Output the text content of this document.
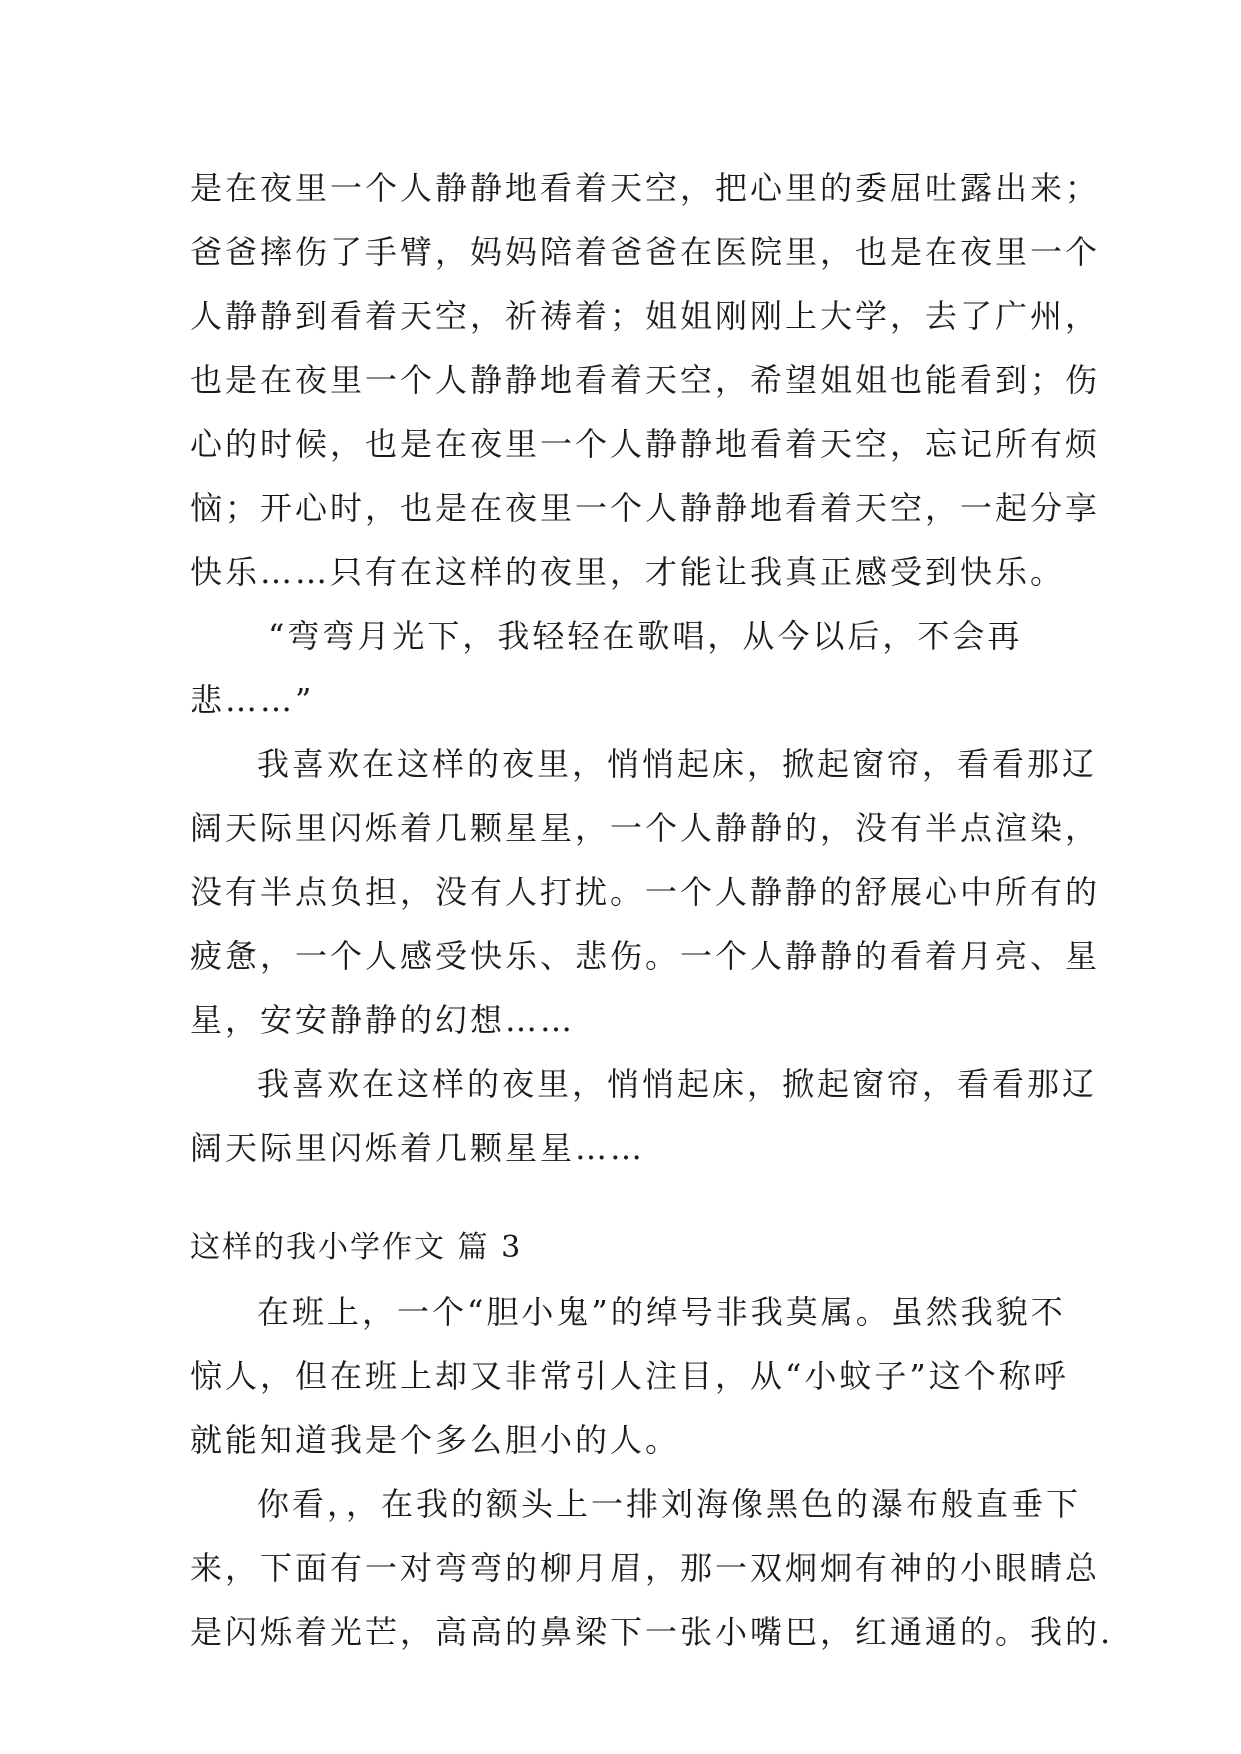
是在夜里一个人静静地看着天空，把心里的委屈吐露出来；
爸爸摔伤了手臂，妈妈陪着爸爸在医院里，也是在夜里一个
人静静到看着天空，祈祷着；姐姐刚刚上大学，去了广州，
也是在夜里一个人静静地看着天空，希望姐姐也能看到；伤
心的时候，也是在夜里一个人静静地看着天空，忘记所有烦
恼；开心时，也是在夜里一个人静静地看着天空，一起分享
快乐……只有在这样的夜里，才能让我真正感受到快乐。
“弯弯月光下，我轻轻在歌唱，从今以后，不会再
悲……”
我喜欢在这样的夜里，悄悄起床，掀起窗帘，看看那辽
阔天际里闪烁着几颗星星，一个人静静的，没有半点渲染，
没有半点负担，没有人打扰。一个人静静的舒展心中所有的
疲惫，一个人感受快乐、悲伤。一个人静静的看着月亮、星
星，安安静静的幻想……
我喜欢在这样的夜里，悄悄起床，掀起窗帘，看看那辽
阔天际里闪烁着几颗星星……
这样的我小学作文 篇 3
在班上，一个“胆小鬼”的绰号非我莫属。虽然我貌不
惊人，但在班上却又非常引人注目，从“小蚊子”这个称呼
就能知道我是个多么胆小的人。
你看，，在我的额头上一排刘海像黑色的瀑布般直垂下
来，下面有一对弯弯的柳月眉，那一双炯炯有神的小眼睛总
是闪烁着光芒，高高的鼻梁下一张小嘴巴，红通通的。我的.
